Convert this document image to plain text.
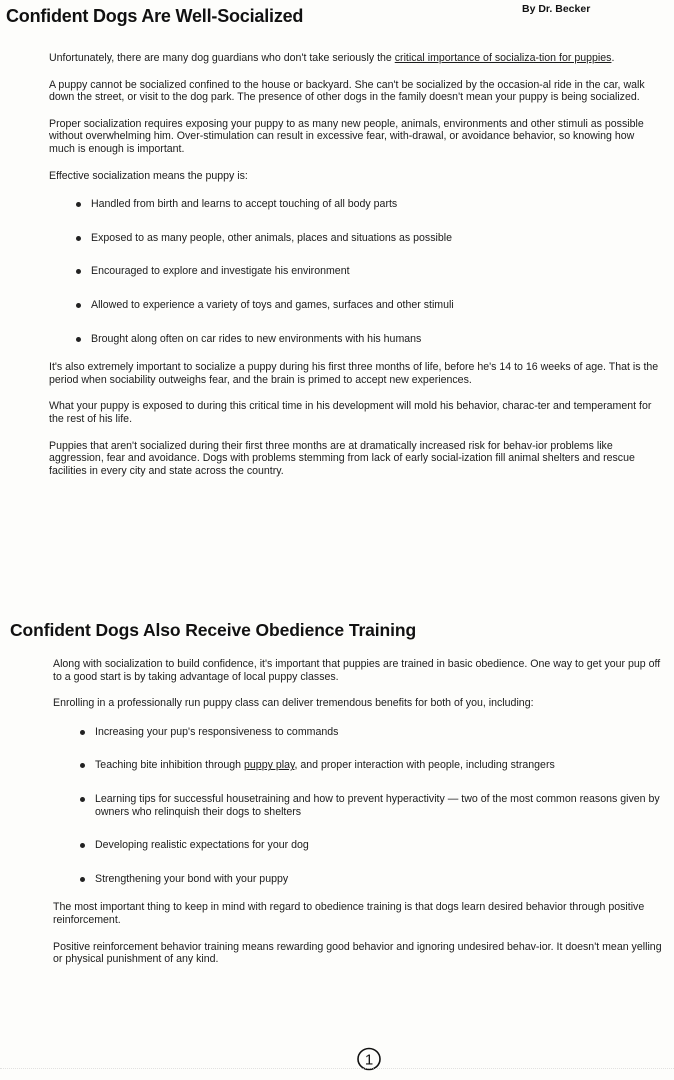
Confident Dogs Are Well-Socialized	By Dr. Becker

Unfortunately, there are many dog guardians who don't take seriously the critical importance of socializa-tion for puppies.

A puppy cannot be socialized confined to the house or backyard. She can't be socialized by the occasion-al ride in the car, walk down the street, or visit to the dog park. The presence of other dogs in the family doesn't mean your puppy is being socialized.

Proper socialization requires exposing your puppy to as many new people, animals, environments and other stimuli as possible without overwhelming him. Over-stimulation can result in excessive fear, with-drawal, or avoidance behavior, so knowing how much is enough is important.

Effective socialization means the puppy is:

Handled from birth and learns to accept touching of all body parts
Exposed to as many people, other animals, places and situations as possible
Encouraged to explore and investigate his environment
Allowed to experience a variety of toys and games, surfaces and other stimuli
Brought along often on car rides to new environments with his humans

It's also extremely important to socialize a puppy during his first three months of life, before he's 14 to 16 weeks of age. That is the period when sociability outweighs fear, and the brain is primed to accept new experiences.

What your puppy is exposed to during this critical time in his development will mold his behavior, charac-ter and temperament for the rest of his life.

Puppies that aren't socialized during their first three months are at dramatically increased risk for behav-ior problems like aggression, fear and avoidance. Dogs with problems stemming from lack of early social-ization fill animal shelters and rescue facilities in every city and state across the country.

Confident Dogs Also Receive Obedience Training

Along with socialization to build confidence, it's important that puppies are trained in basic obedience. One way to get your pup off to a good start is by taking advantage of local puppy classes.

Enrolling in a professionally run puppy class can deliver tremendous benefits for both of you, including:

Increasing your pup's responsiveness to commands
Teaching bite inhibition through puppy play, and proper interaction with people, including strangers
Learning tips for successful housetraining and how to prevent hyperactivity — two of the most common reasons given by owners who relinquish their dogs to shelters
Developing realistic expectations for your dog
Strengthening your bond with your puppy

The most important thing to keep in mind with regard to obedience training is that dogs learn desired behavior through positive reinforcement.

Positive reinforcement behavior training means rewarding good behavior and ignoring undesired behav-ior. It doesn't mean yelling or physical punishment of any kind.

1
